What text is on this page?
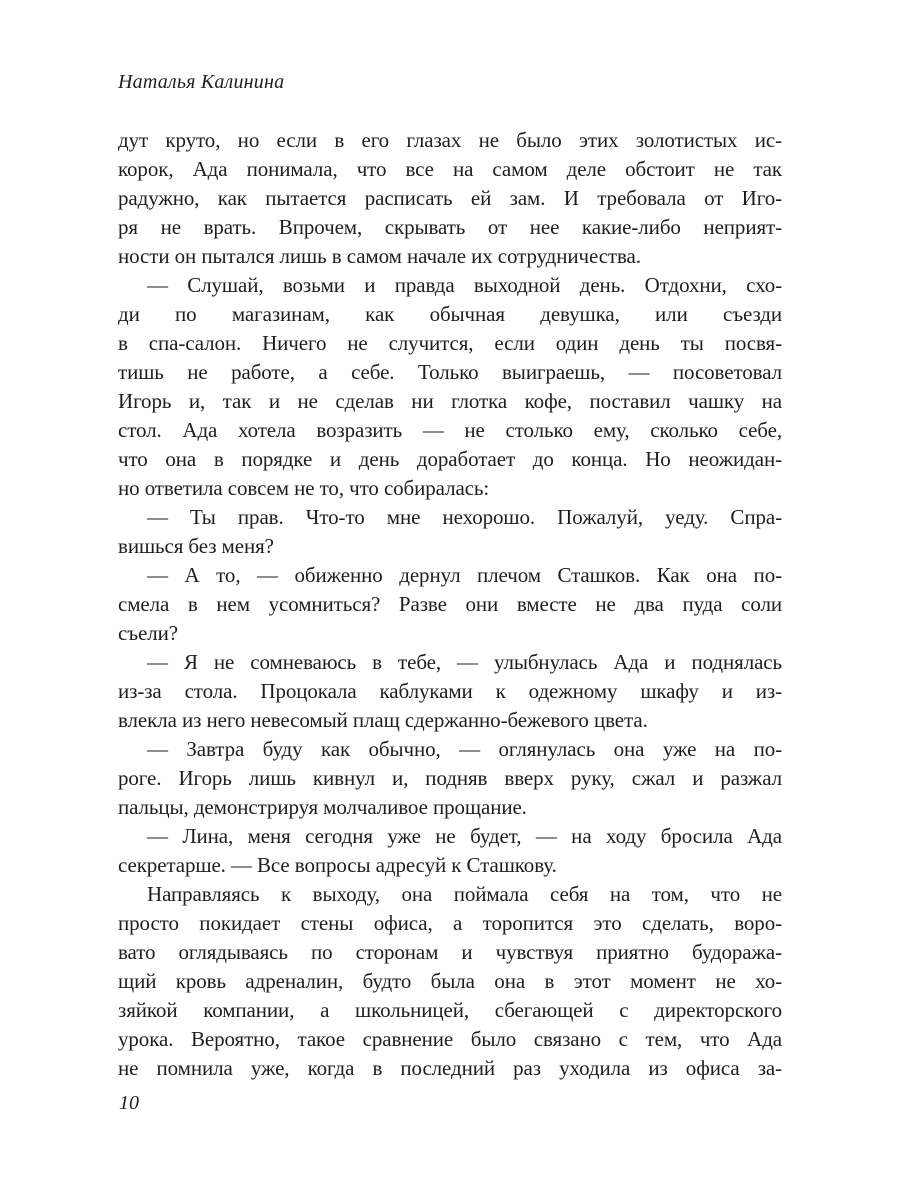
Наталья Калинина
дут круто, но если в его глазах не было этих золотистых ис-
корок, Ада понимала, что все на самом деле обстоит не так
радужно, как пытается расписать ей зам. И требовала от Иго-
ря не врать. Впрочем, скрывать от нее какие-либо неприят-
ности он пытался лишь в самом начале их сотрудничества.
— Слушай, возьми и правда выходной день. Отдохни, схо-
ди по магазинам, как обычная девушка, или съезди
в спа-салон. Ничего не случится, если один день ты посвя-
тишь не работе, а себе. Только выиграешь, — посоветовал
Игорь и, так и не сделав ни глотка кофе, поставил чашку на
стол. Ада хотела возразить — не столько ему, сколько себе,
что она в порядке и день доработает до конца. Но неожидан-
но ответила совсем не то, что собиралась:
— Ты прав. Что-то мне нехорошо. Пожалуй, уеду. Спра-
вишься без меня?
— А то, — обиженно дернул плечом Сташков. Как она по-
смела в нем усомниться? Разве они вместе не два пуда соли
съели?
— Я не сомневаюсь в тебе, — улыбнулась Ада и поднялась
из-за стола. Процокала каблуками к одежному шкафу и из-
влекла из него невесомый плащ сдержанно-бежевого цвета.
— Завтра буду как обычно, — оглянулась она уже на по-
роге. Игорь лишь кивнул и, подняв вверх руку, сжал и разжал
пальцы, демонстрируя молчаливое прощание.
— Лина, меня сегодня уже не будет, — на ходу бросила Ада
секретарше. — Все вопросы адресуй к Сташкову.
Направляясь к выходу, она поймала себя на том, что не
просто покидает стены офиса, а торопится это сделать, воро-
вато оглядываясь по сторонам и чувствуя приятно будоража-
щий кровь адреналин, будто была она в этот момент не хо-
зяйкой компании, а школьницей, сбегающей с директорского
урока. Вероятно, такое сравнение было связано с тем, что Ада
не помнила уже, когда в последний раз уходила из офиса за-
10
